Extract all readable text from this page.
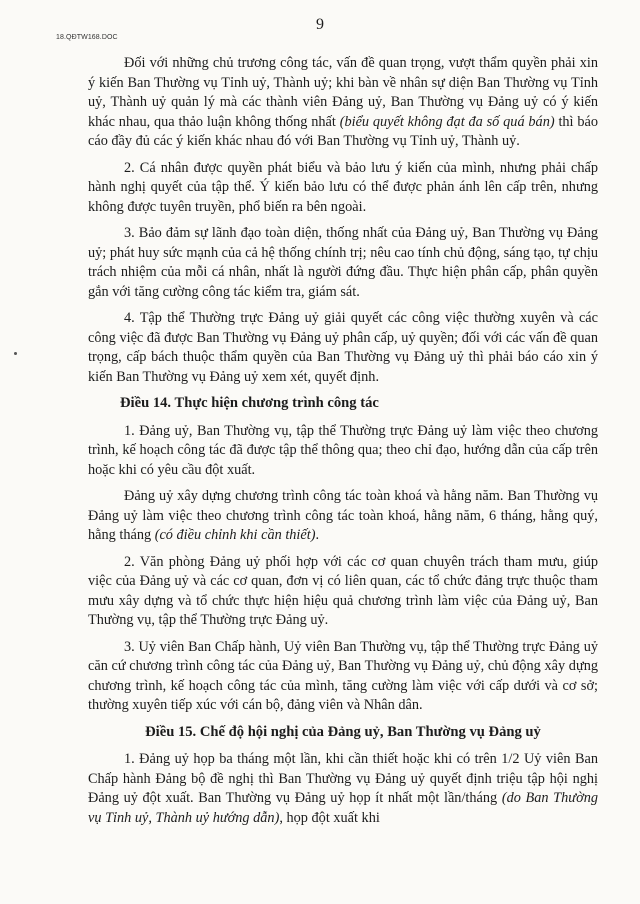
18.QĐTW168.DOC
9

Đối với những chủ trương công tác, vấn đề quan trọng, vượt thẩm quyền phải xin ý kiến Ban Thường vụ Tỉnh uỷ, Thành uỷ; khi bàn về nhân sự diện Ban Thường vụ Tỉnh uỷ, Thành uỷ quản lý mà các thành viên Đảng uỷ, Ban Thường vụ Đảng uỷ có ý kiến khác nhau, qua thảo luận không thống nhất (biểu quyết không đạt đa số quá bán) thì báo cáo đầy đủ các ý kiến khác nhau đó với Ban Thường vụ Tỉnh uỷ, Thành uỷ.

2. Cá nhân được quyền phát biểu và bảo lưu ý kiến của mình, nhưng phải chấp hành nghị quyết của tập thể. Ý kiến bảo lưu có thể được phản ánh lên cấp trên, nhưng không được tuyên truyền, phổ biến ra bên ngoài.

3. Bảo đảm sự lãnh đạo toàn diện, thống nhất của Đảng uỷ, Ban Thường vụ Đảng uỷ; phát huy sức mạnh của cả hệ thống chính trị; nêu cao tính chủ động, sáng tạo, tự chịu trách nhiệm của mỗi cá nhân, nhất là người đứng đầu. Thực hiện phân cấp, phân quyền gắn với tăng cường công tác kiểm tra, giám sát.

4. Tập thể Thường trực Đảng uỷ giải quyết các công việc thường xuyên và các công việc đã được Ban Thường vụ Đảng uỷ phân cấp, uỷ quyền; đối với các vấn đề quan trọng, cấp bách thuộc thẩm quyền của Ban Thường vụ Đảng uỷ thì phải báo cáo xin ý kiến Ban Thường vụ Đảng uỷ xem xét, quyết định.

Điều 14. Thực hiện chương trình công tác

1. Đảng uỷ, Ban Thường vụ, tập thể Thường trực Đảng uỷ làm việc theo chương trình, kế hoạch công tác đã được tập thể thông qua; theo chỉ đạo, hướng dẫn của cấp trên hoặc khi có yêu cầu đột xuất.

Đảng uỷ xây dựng chương trình công tác toàn khoá và hằng năm. Ban Thường vụ Đảng uỷ làm việc theo chương trình công tác toàn khoá, hằng năm, 6 tháng, hằng quý, hằng tháng (có điều chỉnh khi cần thiết).

2. Văn phòng Đảng uỷ phối hợp với các cơ quan chuyên trách tham mưu, giúp việc của Đảng uỷ và các cơ quan, đơn vị có liên quan, các tổ chức đảng trực thuộc tham mưu xây dựng và tổ chức thực hiện hiệu quả chương trình làm việc của Đảng uỷ, Ban Thường vụ, tập thể Thường trực Đảng uỷ.

3. Uỷ viên Ban Chấp hành, Uỷ viên Ban Thường vụ, tập thể Thường trực Đảng uỷ căn cứ chương trình công tác của Đảng uỷ, Ban Thường vụ Đảng uỷ, chủ động xây dựng chương trình, kế hoạch công tác của mình, tăng cường làm việc với cấp dưới và cơ sở; thường xuyên tiếp xúc với cán bộ, đảng viên và Nhân dân.

Điều 15. Chế độ hội nghị của Đảng uỷ, Ban Thường vụ Đảng uỷ

1. Đảng uỷ họp ba tháng một lần, khi cần thiết hoặc khi có trên 1/2 Uỷ viên Ban Chấp hành Đảng bộ đề nghị thì Ban Thường vụ Đảng uỷ quyết định triệu tập hội nghị Đảng uỷ đột xuất. Ban Thường vụ Đảng uỷ họp ít nhất một lần/tháng (do Ban Thường vụ Tỉnh uỷ, Thành uỷ hướng dẫn), họp đột xuất khi
